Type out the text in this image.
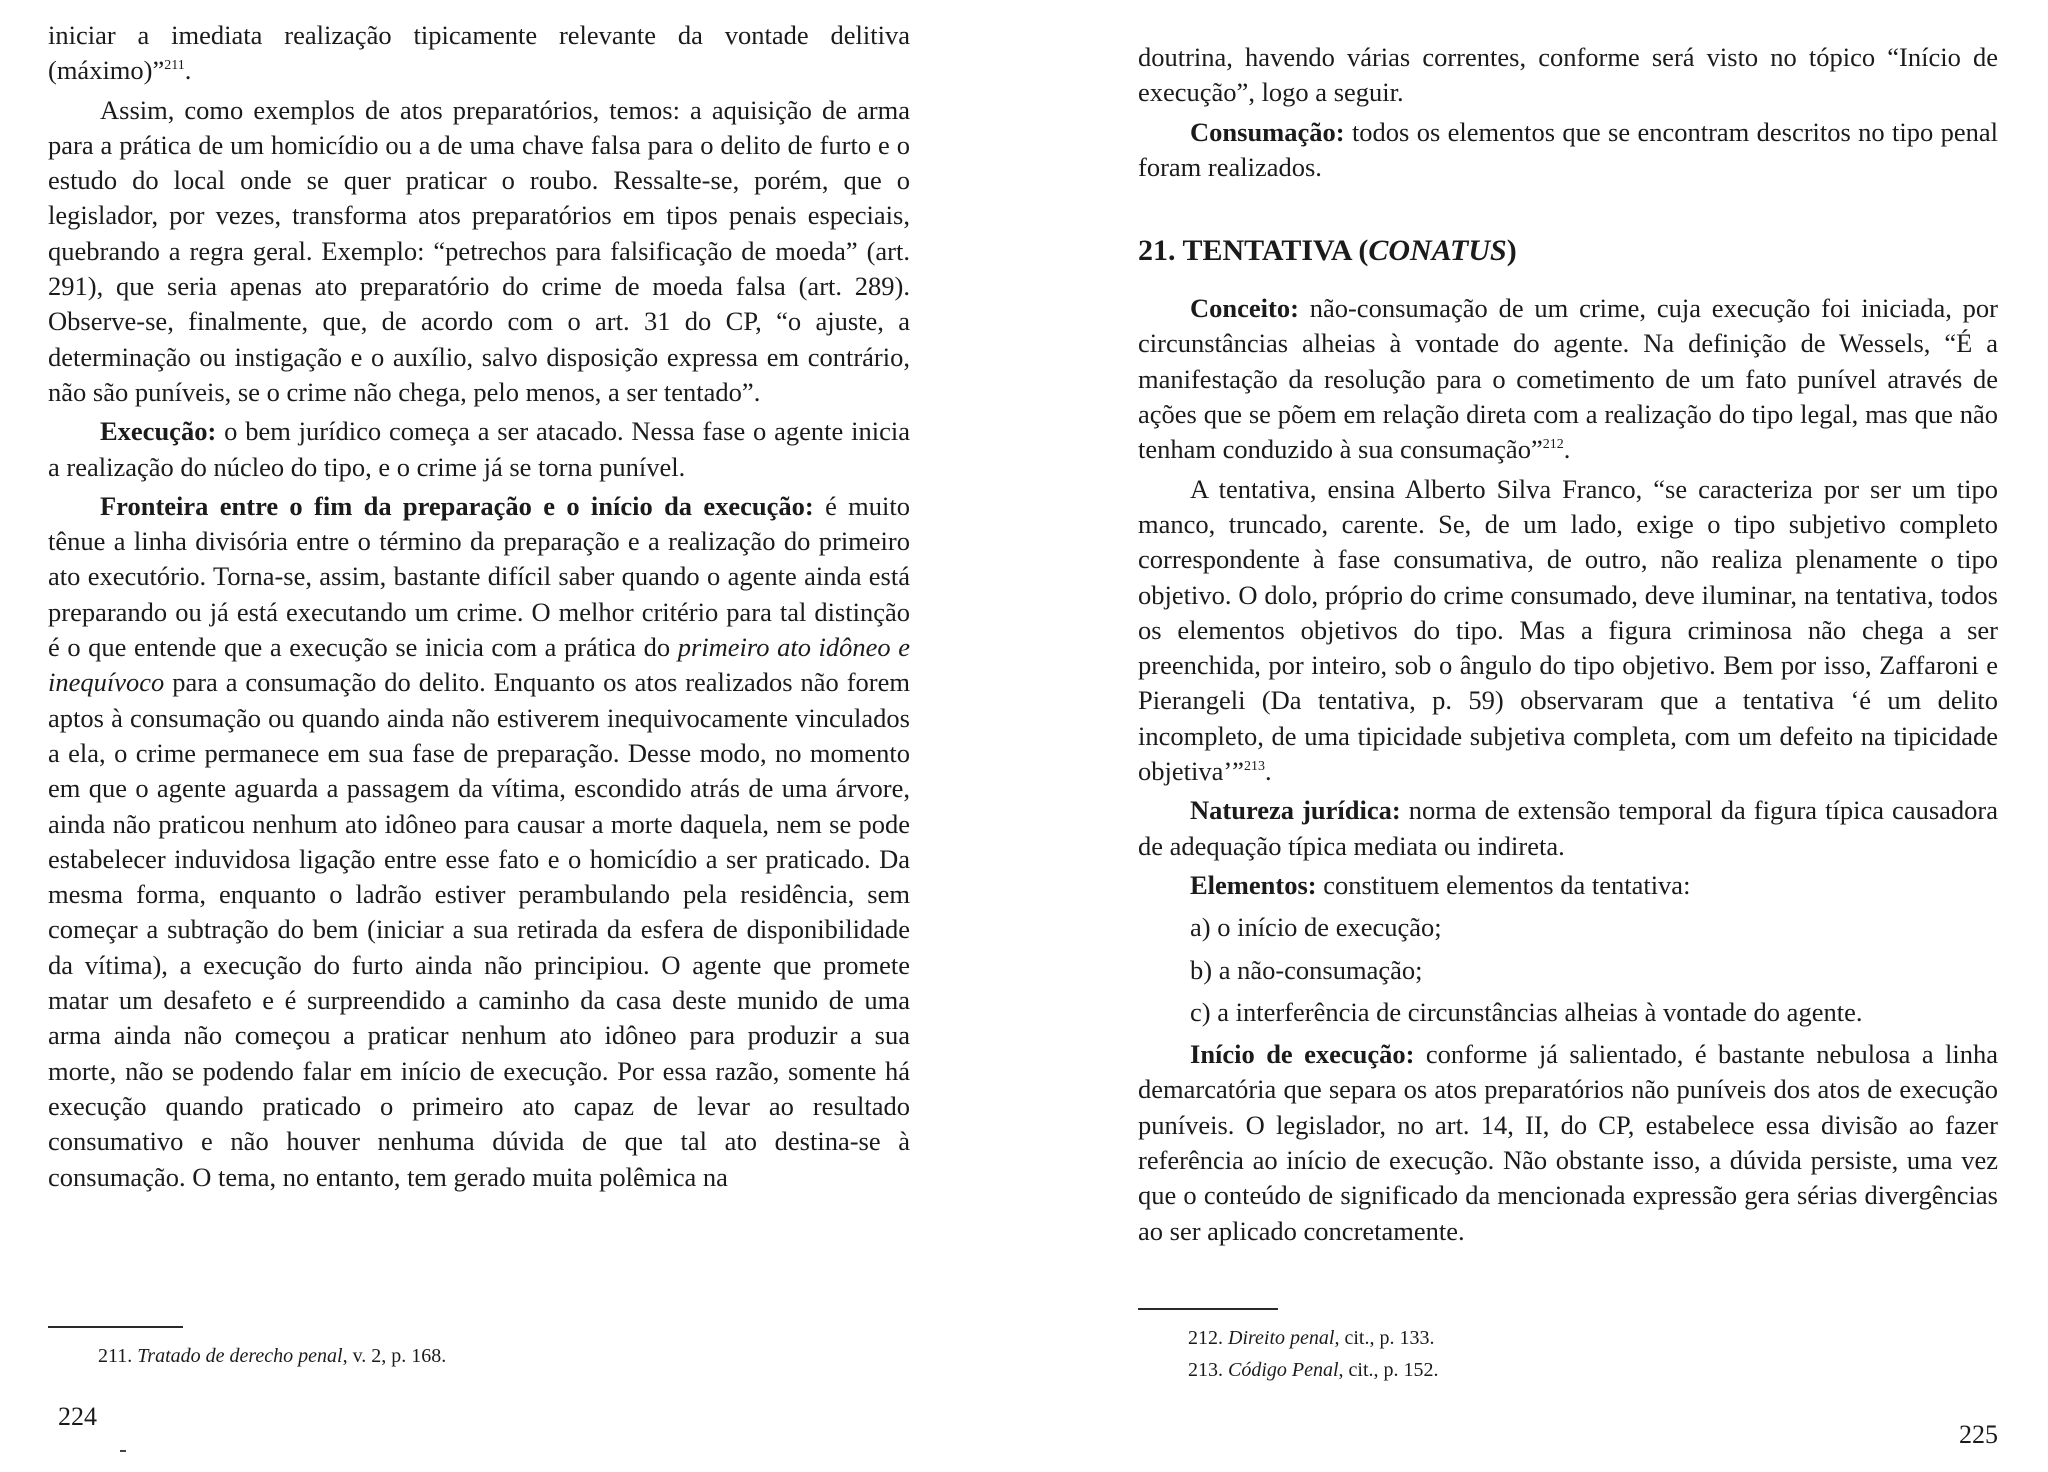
iniciar a imediata realização tipicamente relevante da vontade delitiva (máximo)”$^{211}$.

Assim, como exemplos de atos preparatórios, temos: a aquisição de arma para a prática de um homicídio ou a de uma chave falsa para o delito de furto e o estudo do local onde se quer praticar o roubo. Ressalte-se, porém, que o legislador, por vezes, transforma atos preparatórios em tipos penais especiais, quebrando a regra geral. Exemplo: “petrechos para falsificação de moeda” (art. 291), que seria apenas ato preparatório do crime de moeda falsa (art. 289). Observe-se, finalmente, que, de acordo com o art. 31 do CP, “o ajuste, a determinação ou instigação e o auxílio, salvo disposição expressa em contrário, não são puníveis, se o crime não chega, pelo menos, a ser tentado”.

Execução: o bem jurídico começa a ser atacado. Nessa fase o agente inicia a realização do núcleo do tipo, e o crime já se torna punível.

Fronteira entre o fim da preparação e o início da execução: é muito tênue a linha divisória entre o término da preparação e a realização do primeiro ato executório. Torna-se, assim, bastante difícil saber quando o agente ainda está preparando ou já está executando um crime. O melhor critério para tal distinção é o que entende que a execução se inicia com a prática do primeiro ato idôneo e inequívoco para a consumação do delito. Enquanto os atos realizados não forem aptos à consumação ou quando ainda não estiverem inequivocamente vinculados a ela, o crime permanece em sua fase de preparação. Desse modo, no momento em que o agente aguarda a passagem da vítima, escondido atrás de uma árvore, ainda não praticou nenhum ato idôneo para causar a morte daquela, nem se pode estabelecer induvidosa ligação entre esse fato e o homicídio a ser praticado. Da mesma forma, enquanto o ladrão estiver perambulando pela residência, sem começar a subtração do bem (iniciar a sua retirada da esfera de disponibilidade da vítima), a execução do furto ainda não principiou. O agente que promete matar um desafeto e é surpreendido a caminho da casa deste munido de uma arma ainda não começou a praticar nenhum ato idôneo para produzir a sua morte, não se podendo falar em início de execução. Por essa razão, somente há execução quando praticado o primeiro ato capaz de levar ao resultado consumativo e não houver nenhuma dúvida de que tal ato destina-se à consumação. O tema, no entanto, tem gerado muita polêmica na

211. Tratado de derecho penal, v. 2, p. 168.
224

doutrina, havendo várias correntes, conforme será visto no tópico “Início de execução”, logo a seguir.

Consumação: todos os elementos que se encontram descritos no tipo penal foram realizados.

21. TENTATIVA (CONATUS)

Conceito: não-consumação de um crime, cuja execução foi iniciada, por circunstâncias alheias à vontade do agente. Na definição de Wessels, “É a manifestação da resolução para o cometimento de um fato punível através de ações que se põem em relação direta com a realização do tipo legal, mas que não tenham conduzido à sua consumação”$^{212}$.

A tentativa, ensina Alberto Silva Franco, “se caracteriza por ser um tipo manco, truncado, carente. Se, de um lado, exige o tipo subjetivo completo correspondente à fase consumativa, de outro, não realiza plenamente o tipo objetivo. O dolo, próprio do crime consumado, deve iluminar, na tentativa, todos os elementos objetivos do tipo. Mas a figura criminosa não chega a ser preenchida, por inteiro, sob o ângulo do tipo objetivo. Bem por isso, Zaffaroni e Pierangeli (Da tentativa, p. 59) observaram que a tentativa ‘é um delito incompleto, de uma tipicidade subjetiva completa, com um defeito na tipicidade objetiva’”$^{213}$.

Natureza jurídica: norma de extensão temporal da figura típica causadora de adequação típica mediata ou indireta.

Elementos: constituem elementos da tentativa:

a) o início de execução;

b) a não-consumação;

c) a interferência de circunstâncias alheias à vontade do agente.

Início de execução: conforme já salientado, é bastante nebulosa a linha demarcatória que separa os atos preparatórios não puníveis dos atos de execução puníveis. O legislador, no art. 14, II, do CP, estabelece essa divisão ao fazer referência ao início de execução. Não obstante isso, a dúvida persiste, uma vez que o conteúdo de significado da mencionada expressão gera sérias divergências ao ser aplicado concretamente.

212. Direito penal, cit., p. 133.
213. Código Penal, cit., p. 152.
225
